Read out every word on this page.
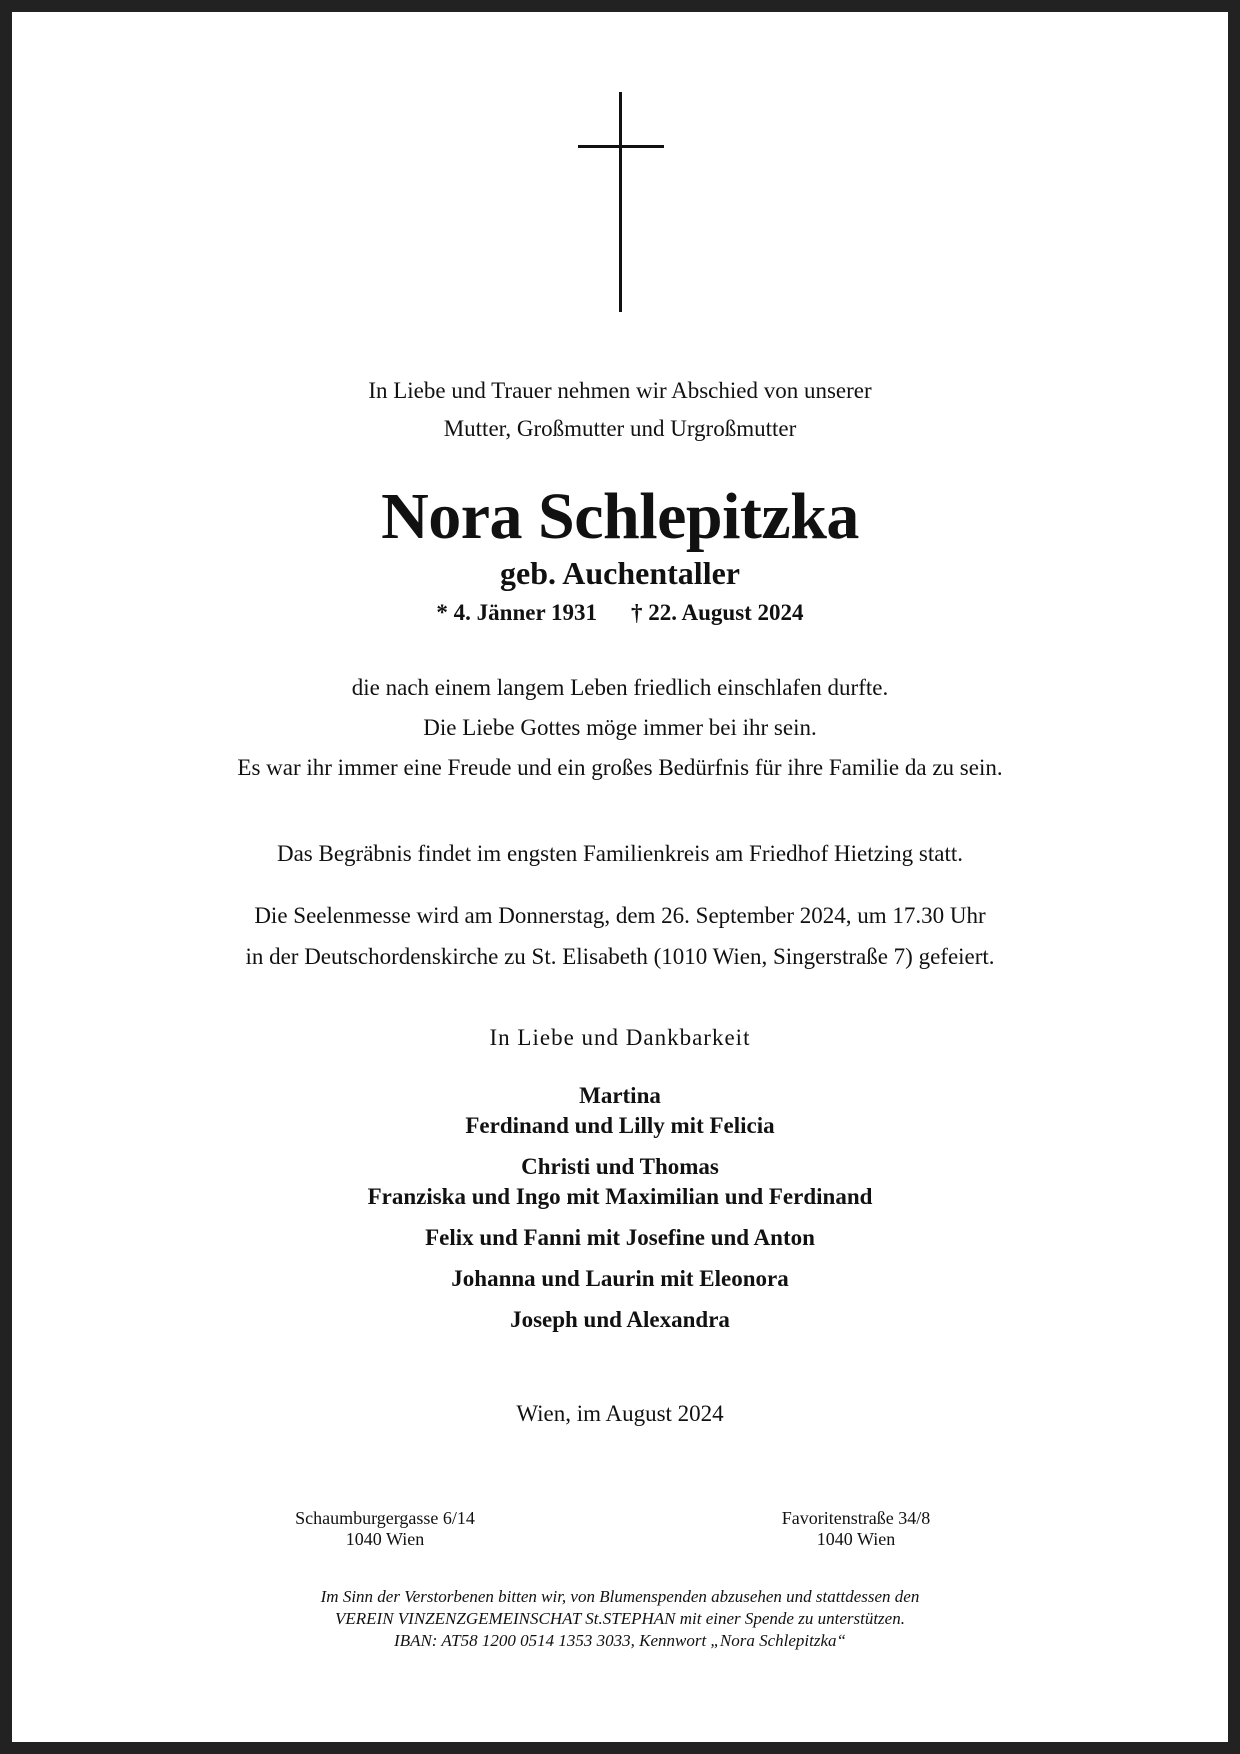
In Liebe und Trauer nehmen wir Abschied von unserer
Mutter, Großmutter und Urgroßmutter
Nora Schlepitzka
geb. Auchentaller
* 4. Jänner 1931 † 22. August 2024
die nach einem langem Leben friedlich einschlafen durfte.
Die Liebe Gottes möge immer bei ihr sein.
Es war ihr immer eine Freude und ein großes Bedürfnis für ihre Familie da zu sein.
Das Begräbnis findet im engsten Familienkreis am Friedhof Hietzing statt.
Die Seelenmesse wird am Donnerstag, dem 26. September 2024, um 17.30 Uhr
in der Deutschordenskirche zu St. Elisabeth (1010 Wien, Singerstraße 7) gefeiert.
In Liebe und Dankbarkeit
Martina
Ferdinand und Lilly mit Felicia
Christi und Thomas
Franziska und Ingo mit Maximilian und Ferdinand
Felix und Fanni mit Josefine und Anton
Johanna und Laurin mit Eleonora
Joseph und Alexandra
Wien, im August 2024
Schaumburgergasse 6/14
1040 Wien
Favoritenstraße 34/8
1040 Wien
Im Sinn der Verstorbenen bitten wir, von Blumenspenden abzusehen und stattdessen den
VEREIN VINZENZGEMEINSCHAT St.STEPHAN mit einer Spende zu unterstützen.
IBAN: AT58 1200 0514 1353 3033, Kennwort „Nora Schlepitzka“
